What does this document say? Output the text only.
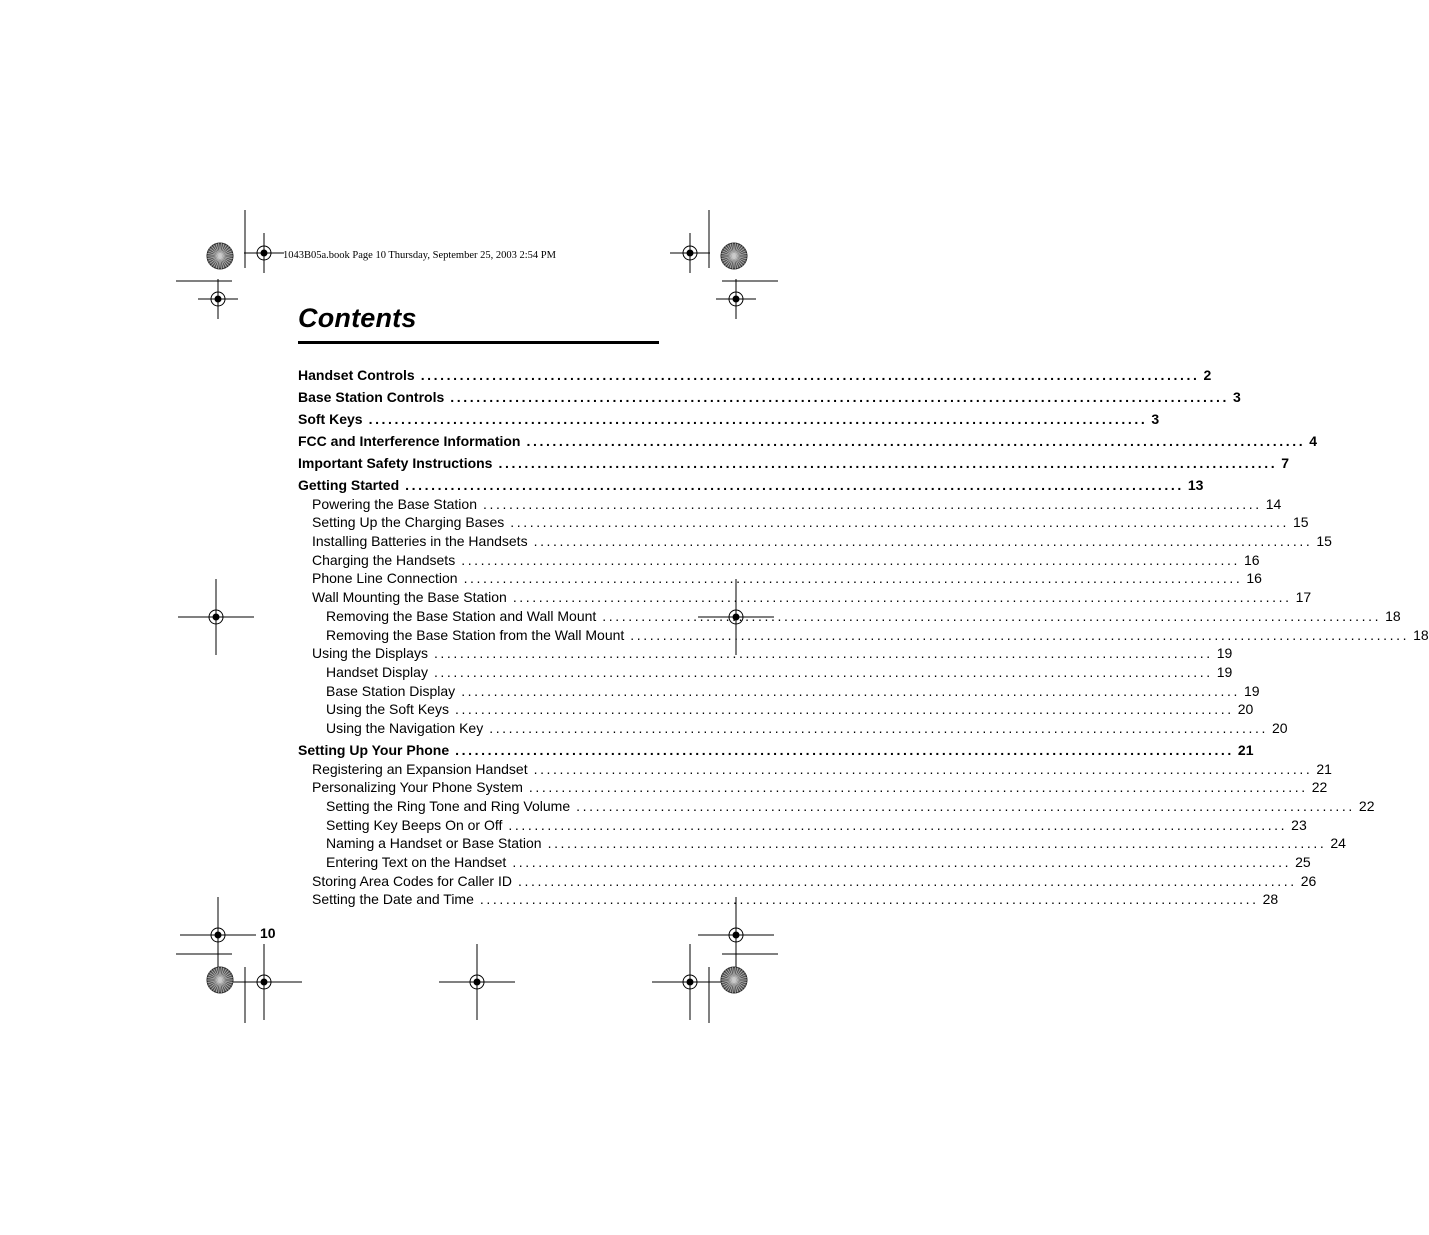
1043B05a.book Page 10 Thursday, September 25, 2003 2:54 PM
Contents
Handset Controls ........................................................................................................................ 2
Base Station Controls ........................................................................................................................ 3
Soft Keys ........................................................................................................................ 3
FCC and Interference Information ........................................................................................................................ 4
Important Safety Instructions ........................................................................................................................ 7
Getting Started ........................................................................................................................ 13
Powering the Base Station ........................................................................................................................ 14
Setting Up the Charging Bases ........................................................................................................................ 15
Installing Batteries in the Handsets ........................................................................................................................ 15
Charging the Handsets ........................................................................................................................ 16
Phone Line Connection ........................................................................................................................ 16
Wall Mounting the Base Station ........................................................................................................................ 17
Removing the Base Station and Wall Mount ........................................................................................................................ 18
Removing the Base Station from the Wall Mount ........................................................................................................................ 18
Using the Displays ........................................................................................................................ 19
Handset Display ........................................................................................................................ 19
Base Station Display ........................................................................................................................ 19
Using the Soft Keys ........................................................................................................................ 20
Using the Navigation Key ........................................................................................................................ 20
Setting Up Your Phone ........................................................................................................................ 21
Registering an Expansion Handset ........................................................................................................................ 21
Personalizing Your Phone System ........................................................................................................................ 22
Setting the Ring Tone and Ring Volume ........................................................................................................................ 22
Setting Key Beeps On or Off ........................................................................................................................ 23
Naming a Handset or Base Station ........................................................................................................................ 24
Entering Text on the Handset ........................................................................................................................ 25
Storing Area Codes for Caller ID ........................................................................................................................ 26
Setting the Date and Time ........................................................................................................................ 28
10
